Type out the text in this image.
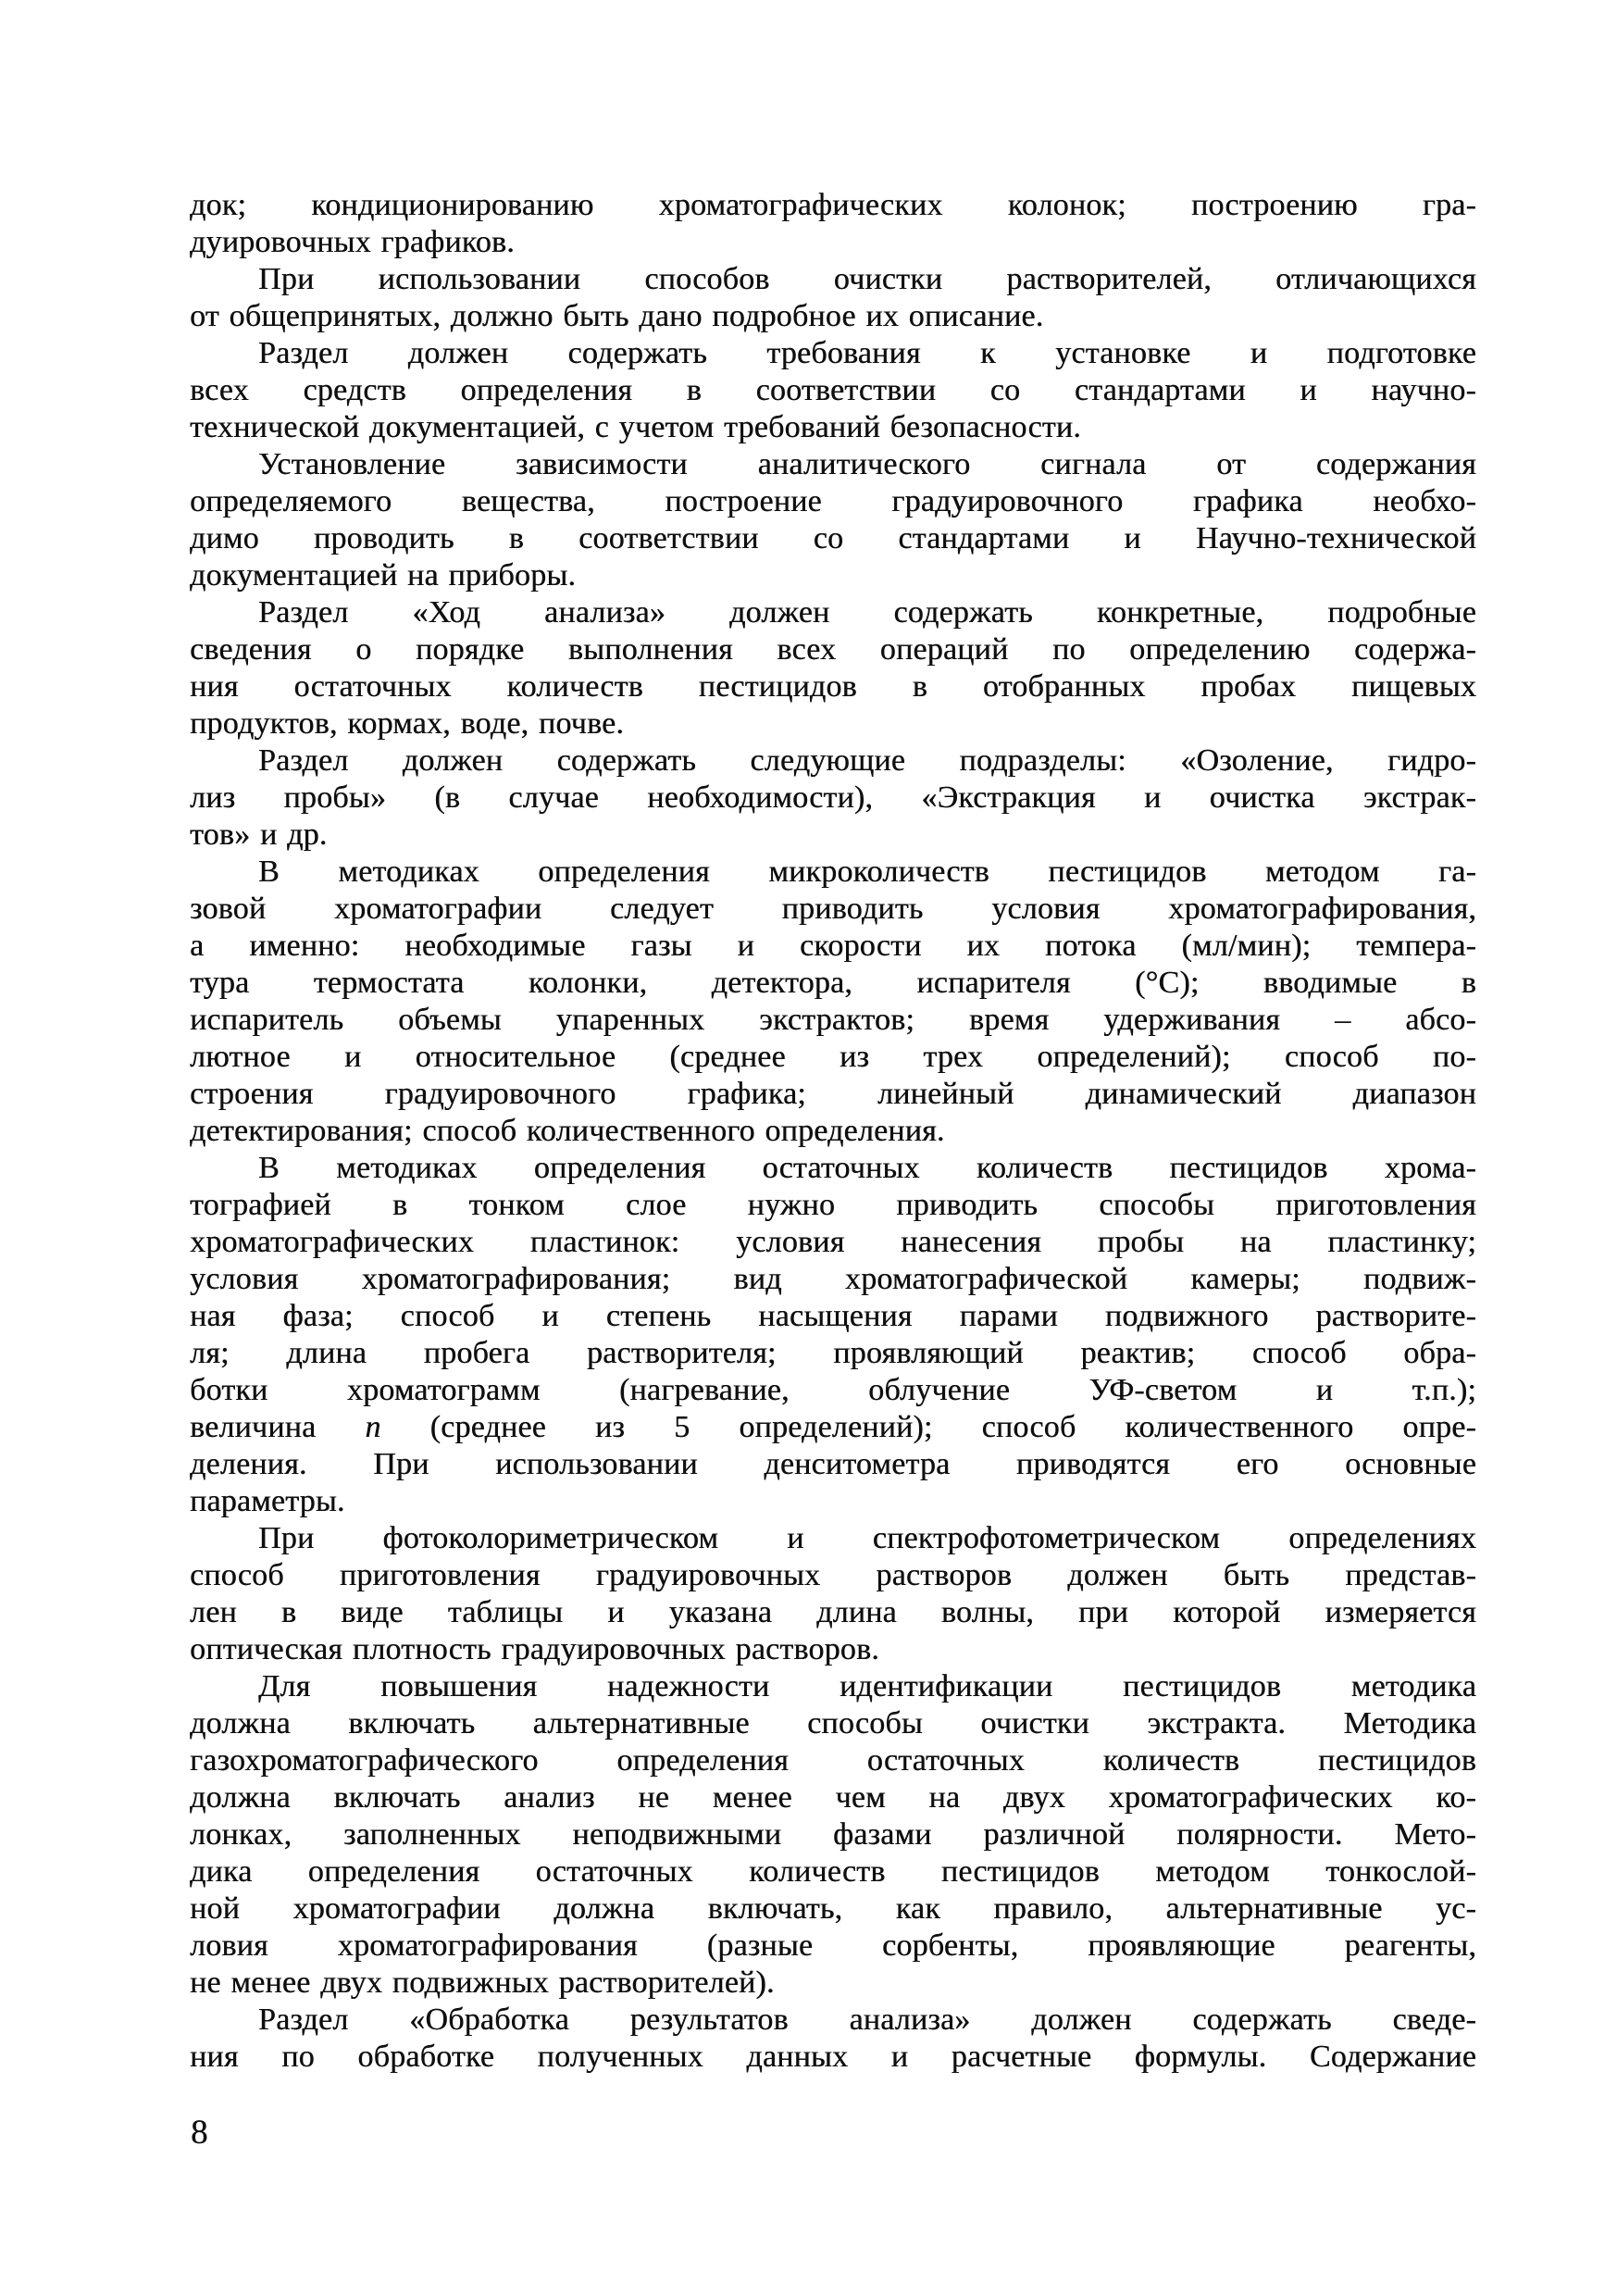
док; кондиционированию хроматографических колонок; построению гра-
дуировочных графиков.
При использовании способов очистки растворителей, отличающихся
от общепринятых, должно быть дано подробное их описание.
Раздел должен содержать требования к установке и подготовке
всех средств определения в соответствии со стандартами и научно-
технической документацией, с учетом требований безопасности.
Установление зависимости аналитического сигнала от содержания
определяемого вещества, построение градуировочного графика необхо-
димо проводить в соответствии со стандартами и Научно-технической
документацией на приборы.
Раздел «Ход анализа» должен содержать конкретные, подробные
сведения о порядке выполнения всех операций по определению содержа-
ния остаточных количеств пестицидов в отобранных пробах пищевых
продуктов, кормах, воде, почве.
Раздел должен содержать следующие подразделы: «Озоление, гидро-
лиз пробы» (в случае необходимости), «Экстракция и очистка экстрак-
тов» и др.
В методиках определения микроколичеств пестицидов методом га-
зовой хроматографии следует приводить условия хроматографирования,
а именно: необходимые газы и скорости их потока (мл/мин); темпера-
тура термостата колонки, детектора, испарителя (°С); вводимые в
испаритель объемы упаренных экстрактов; время удерживания – абсо-
лютное и относительное (среднее из трех определений); способ по-
строения градуировочного графика; линейный динамический диапазон
детектирования; способ количественного определения.
В методиках определения остаточных количеств пестицидов хрома-
тографией в тонком слое нужно приводить способы приготовления
хроматографических пластинок: условия нанесения пробы на пластинку;
условия хроматографирования; вид хроматографической камеры; подвиж-
ная фаза; способ и степень насыщения парами подвижного растворите-
ля; длина пробега растворителя; проявляющий реактив; способ обра-
ботки хроматограмм (нагревание, облучение УФ-светом и т.п.);
величина n (среднее из 5 определений); способ количественного опре-
деления. При использовании денситометра приводятся его основные
параметры.
При фотоколориметрическом и спектрофотометрическом определениях
способ приготовления градуировочных растворов должен быть представ-
лен в виде таблицы и указана длина волны, при которой измеряется
оптическая плотность градуировочных растворов.
Для повышения надежности идентификации пестицидов методика
должна включать альтернативные способы очистки экстракта. Методика
газохроматографического определения остаточных количеств пестицидов
должна включать анализ не менее чем на двух хроматографических ко-
лонках, заполненных неподвижными фазами различной полярности. Мето-
дика определения остаточных количеств пестицидов методом тонкослой-
ной хроматографии должна включать, как правило, альтернативные ус-
ловия хроматографирования (разные сорбенты, проявляющие реагенты,
не менее двух подвижных растворителей).
Раздел «Обработка результатов анализа» должен содержать сведе-
ния по обработке полученных данных и расчетные формулы. Содержание
8
